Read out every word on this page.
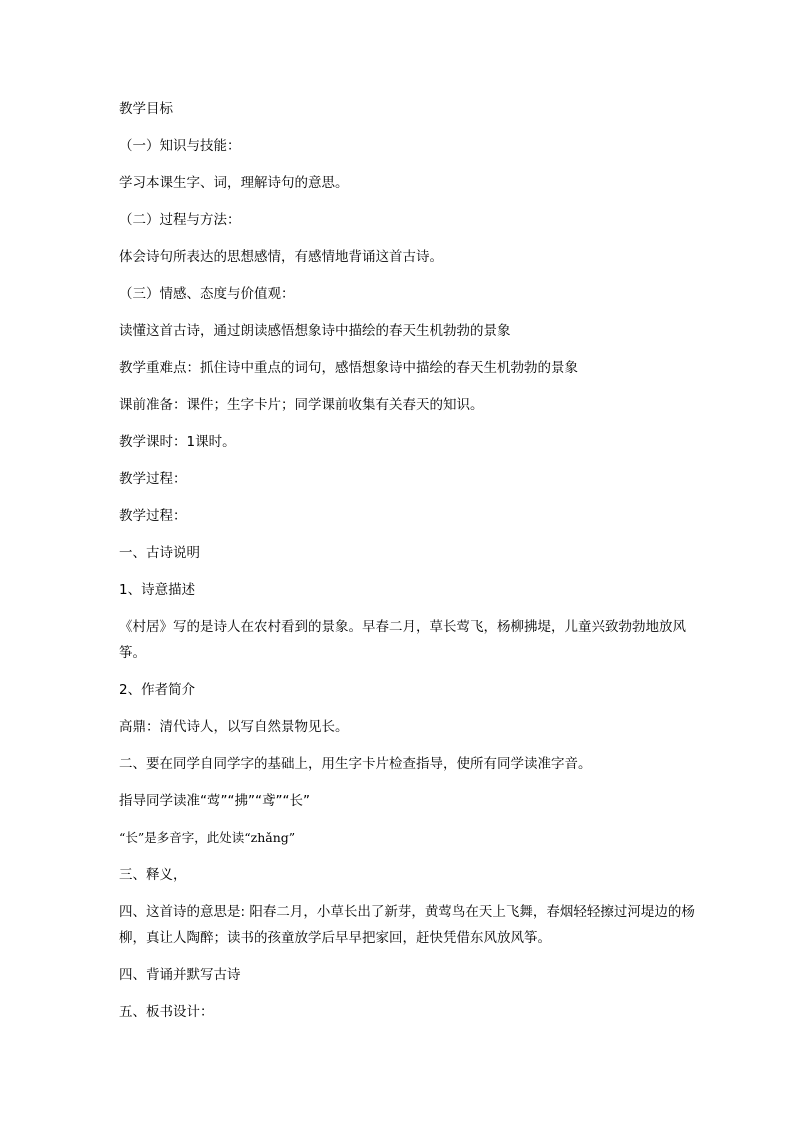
教学目标

（一）知识与技能：

学习本课生字、词，理解诗句的意思。

（二）过程与方法：

体会诗句所表达的思想感情，有感情地背诵这首古诗。

（三）情感、态度与价值观：

读懂这首古诗，通过朗读感悟想象诗中描绘的春天生机勃勃的景象

教学重难点：抓住诗中重点的词句，感悟想象诗中描绘的春天生机勃勃的景象

课前准备：课件；生字卡片；同学课前收集有关春天的知识。

教学课时：1课时。

教学过程：

教学过程：

一、古诗说明

1、诗意描述

《村居》写的是诗人在农村看到的景象。早春二月，草长莺飞，杨柳拂堤，儿童兴致勃勃地放风筝。

2、作者简介

高鼎：清代诗人，以写自然景物见长。

二、要在同学自同学字的基础上，用生字卡片检查指导，使所有同学读准字音。

指导同学读准“莺”“拂”“鸢”“长”

“长”是多音字，此处读“zhǎng”

三、释义，

四、这首诗的意思是: 阳春二月，小草长出了新芽，黄莺鸟在天上飞舞，春烟轻轻擦过河堤边的杨柳，真让人陶醉；读书的孩童放学后早早把家回，赶快凭借东风放风筝。

四、背诵并默写古诗

五、板书设计：
